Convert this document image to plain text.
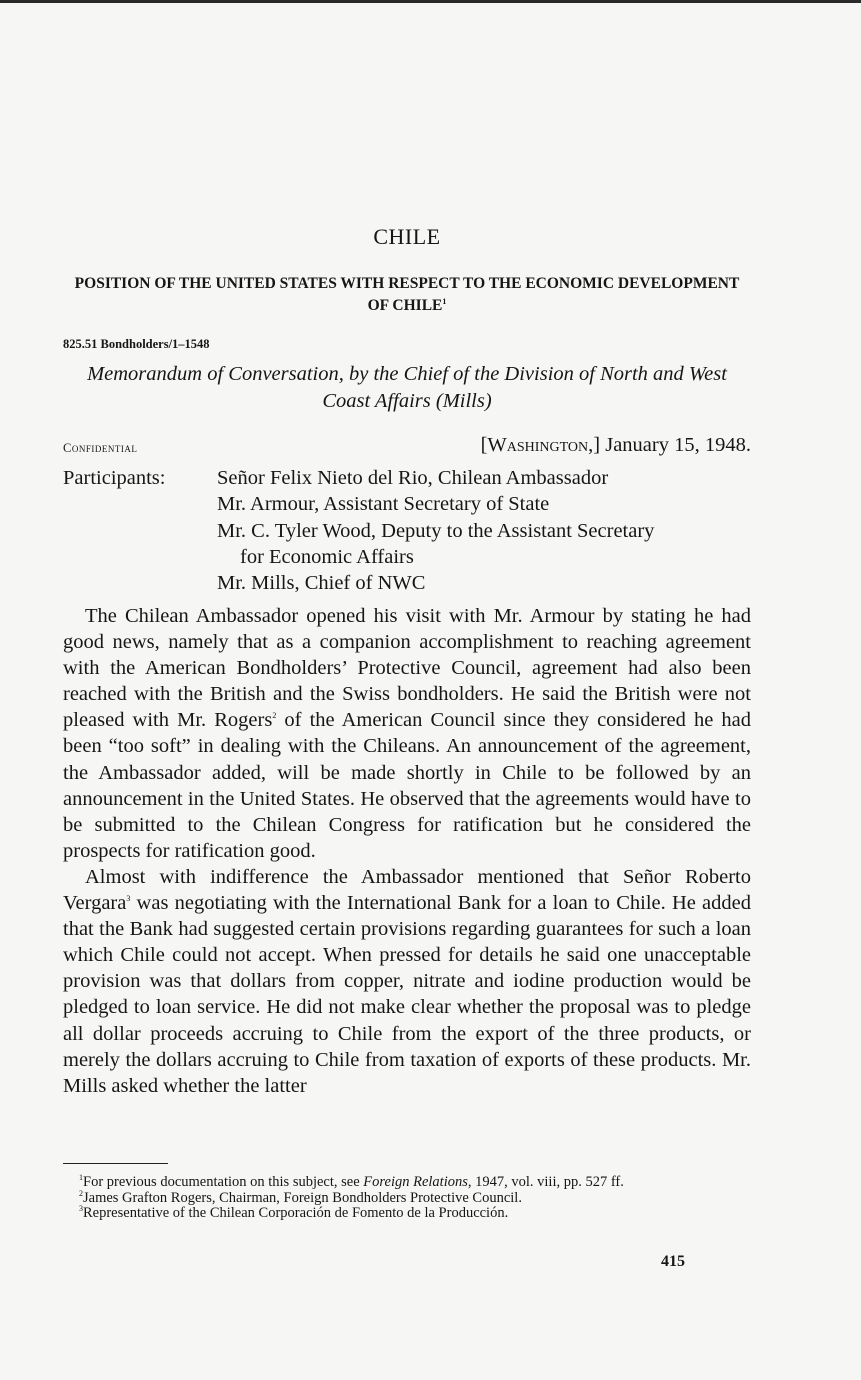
CHILE
POSITION OF THE UNITED STATES WITH RESPECT TO THE ECONOMIC DEVELOPMENT OF CHILE$^1$
825.51 Bondholders/1–1548
Memorandum of Conversation, by the Chief of the Division of North and West Coast Affairs (Mills)
Confidential	[Washington,] January 15, 1948.
Participants:	Señor Felix Nieto del Rio, Chilean Ambassador
Mr. Armour, Assistant Secretary of State
Mr. C. Tyler Wood, Deputy to the Assistant Secretary
for Economic Affairs
Mr. Mills, Chief of NWC

The Chilean Ambassador opened his visit with Mr. Armour by stating he had good news, namely that as a companion accomplishment to reaching agreement with the American Bondholders’ Protective Council, agreement had also been reached with the British and the Swiss bondholders. He said the British were not pleased with Mr. Rogers$^2$ of the American Council since they considered he had been “too soft” in dealing with the Chileans. An announcement of the agreement, the Ambassador added, will be made shortly in Chile to be followed by an announcement in the United States. He observed that the agreements would have to be submitted to the Chilean Congress for ratification but he considered the prospects for ratification good.

Almost with indifference the Ambassador mentioned that Señor Roberto Vergara$^3$ was negotiating with the International Bank for a loan to Chile. He added that the Bank had suggested certain provisions regarding guarantees for such a loan which Chile could not accept. When pressed for details he said one unacceptable provision was that dollars from copper, nitrate and iodine production would be pledged to loan service. He did not make clear whether the proposal was to pledge all dollar proceeds accruing to Chile from the export of the three products, or merely the dollars accruing to Chile from taxation of exports of these products. Mr. Mills asked whether the latter

$^1$For previous documentation on this subject, see Foreign Relations, 1947, vol. viii, pp. 527 ff.

$^2$James Grafton Rogers, Chairman, Foreign Bondholders Protective Council.

$^3$Representative of the Chilean Corporación de Fomento de la Producción.

415
